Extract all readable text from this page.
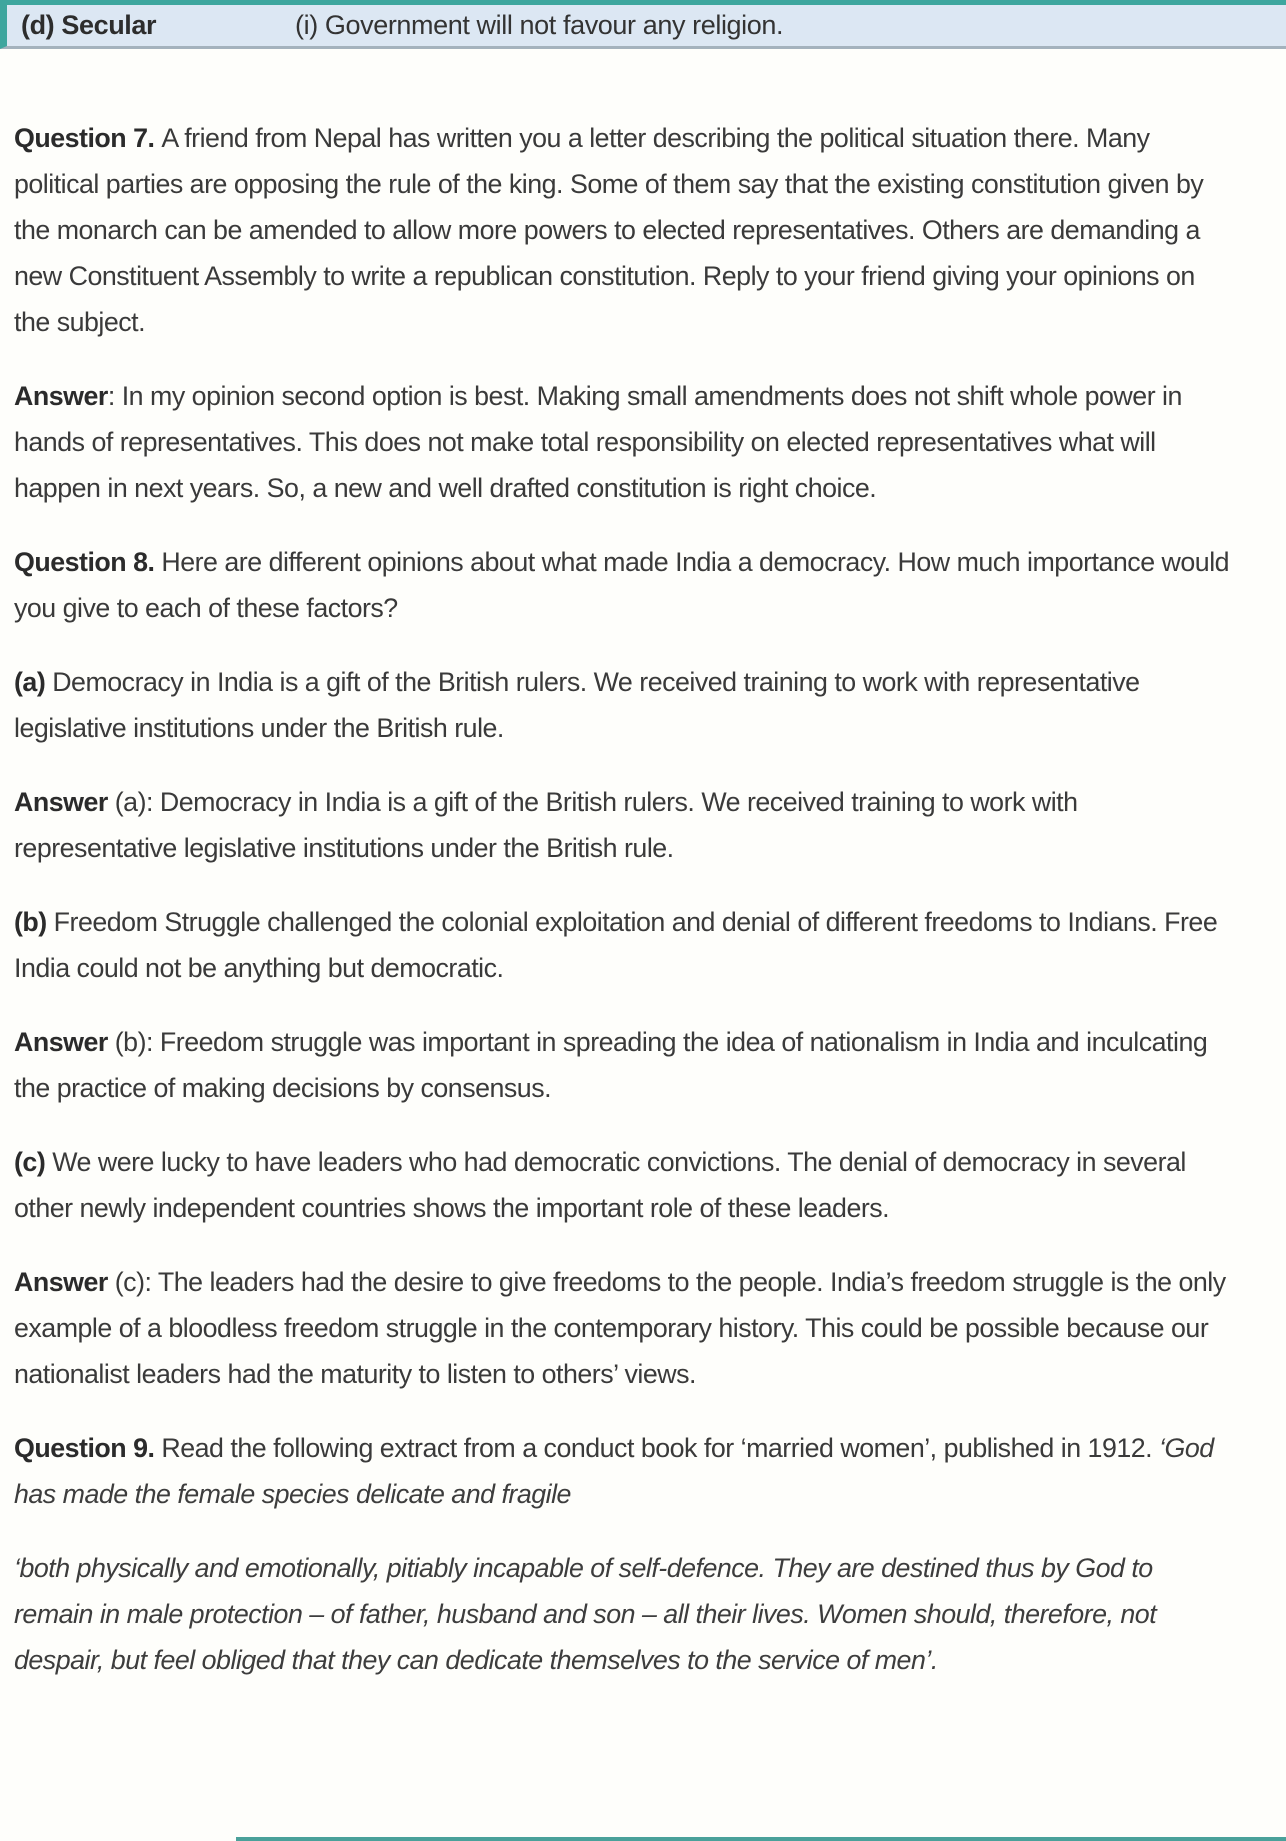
(d) Secular	(i) Government will not favour any religion.

Question 7. A friend from Nepal has written you a letter describing the political situation there. Many political parties are opposing the rule of the king. Some of them say that the existing constitution given by the monarch can be amended to allow more powers to elected representatives. Others are demanding a new Constituent Assembly to write a republican constitution. Reply to your friend giving your opinions on the subject.

Answer: In my opinion second option is best. Making small amendments does not shift whole power in hands of representatives. This does not make total responsibility on elected representatives what will happen in next years. So, a new and well drafted constitution is right choice.

Question 8. Here are different opinions about what made India a democracy. How much importance would you give to each of these factors?

(a) Democracy in India is a gift of the British rulers. We received training to work with representative legislative institutions under the British rule.

Answer (a): Democracy in India is a gift of the British rulers. We received training to work with representative legislative institutions under the British rule.

(b) Freedom Struggle challenged the colonial exploitation and denial of different freedoms to Indians. Free India could not be anything but democratic.

Answer (b): Freedom struggle was important in spreading the idea of nationalism in India and inculcating the practice of making decisions by consensus.

(c) We were lucky to have leaders who had democratic convictions. The denial of democracy in several other newly independent countries shows the important role of these leaders.

Answer (c): The leaders had the desire to give freedoms to the people. India’s freedom struggle is the only example of a bloodless freedom struggle in the contemporary history. This could be possible because our nationalist leaders had the maturity to listen to others’ views.

Question 9. Read the following extract from a conduct book for ‘married women’, published in 1912. ‘God has made the female species delicate and fragile

‘both physically and emotionally, pitiably incapable of self-defence. They are destined thus by God to remain in male protection – of father, husband and son – all their lives. Women should, therefore, not despair, but feel obliged that they can dedicate themselves to the service of men’.
